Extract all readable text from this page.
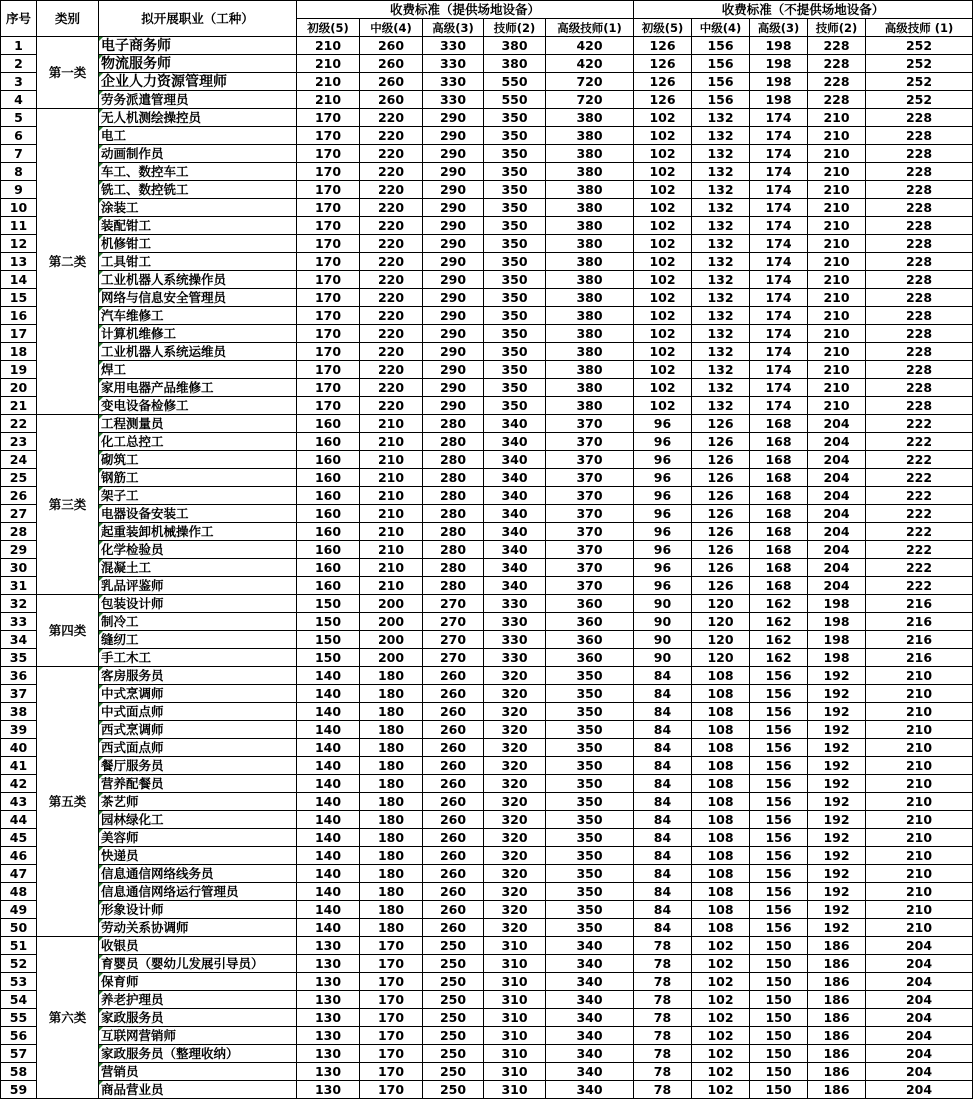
序号	类别	拟开展职业（工种）	收费标准（提供场地设备）					收费标准（不提供场地设备）				
			初级(5)	中级(4)	高级(3)	技师(2)	高级技师(1)	初级(5)	中级(4)	高级(3)	技师(2)	高级技师 (1)
1	第一类	电子商务师	210	260	330	380	420	126	156	198	228	252
2		物流服务师	210	260	330	380	420	126	156	198	228	252
3		企业人力资源管理师	210	260	330	550	720	126	156	198	228	252
4		劳务派遣管理员	210	260	330	550	720	126	156	198	228	252
5	第二类	无人机测绘操控员	170	220	290	350	380	102	132	174	210	228
6		电工	170	220	290	350	380	102	132	174	210	228
7		动画制作员	170	220	290	350	380	102	132	174	210	228
8		车工、数控车工	170	220	290	350	380	102	132	174	210	228
9		铣工、数控铣工	170	220	290	350	380	102	132	174	210	228
10		涂装工	170	220	290	350	380	102	132	174	210	228
11		装配钳工	170	220	290	350	380	102	132	174	210	228
12		机修钳工	170	220	290	350	380	102	132	174	210	228
13		工具钳工	170	220	290	350	380	102	132	174	210	228
14		工业机器人系统操作员	170	220	290	350	380	102	132	174	210	228
15		网络与信息安全管理员	170	220	290	350	380	102	132	174	210	228
16		汽车维修工	170	220	290	350	380	102	132	174	210	228
17		计算机维修工	170	220	290	350	380	102	132	174	210	228
18		工业机器人系统运维员	170	220	290	350	380	102	132	174	210	228
19		焊工	170	220	290	350	380	102	132	174	210	228
20		家用电器产品维修工	170	220	290	350	380	102	132	174	210	228
21		变电设备检修工	170	220	290	350	380	102	132	174	210	228
22	第三类	工程测量员	160	210	280	340	370	96	126	168	204	222
23		化工总控工	160	210	280	340	370	96	126	168	204	222
24		砌筑工	160	210	280	340	370	96	126	168	204	222
25		钢筋工	160	210	280	340	370	96	126	168	204	222
26		架子工	160	210	280	340	370	96	126	168	204	222
27		电器设备安装工	160	210	280	340	370	96	126	168	204	222
28		起重装卸机械操作工	160	210	280	340	370	96	126	168	204	222
29		化学检验员	160	210	280	340	370	96	126	168	204	222
30		混凝土工	160	210	280	340	370	96	126	168	204	222
31		乳品评鉴师	160	210	280	340	370	96	126	168	204	222
32	第四类	包装设计师	150	200	270	330	360	90	120	162	198	216
33		制冷工	150	200	270	330	360	90	120	162	198	216
34		缝纫工	150	200	270	330	360	90	120	162	198	216
35		手工木工	150	200	270	330	360	90	120	162	198	216
36	第五类	客房服务员	140	180	260	320	350	84	108	156	192	210
37		中式烹调师	140	180	260	320	350	84	108	156	192	210
38		中式面点师	140	180	260	320	350	84	108	156	192	210
39		西式烹调师	140	180	260	320	350	84	108	156	192	210
40		西式面点师	140	180	260	320	350	84	108	156	192	210
41		餐厅服务员	140	180	260	320	350	84	108	156	192	210
42		营养配餐员	140	180	260	320	350	84	108	156	192	210
43		茶艺师	140	180	260	320	350	84	108	156	192	210
44		园林绿化工	140	180	260	320	350	84	108	156	192	210
45		美容师	140	180	260	320	350	84	108	156	192	210
46		快递员	140	180	260	320	350	84	108	156	192	210
47		信息通信网络线务员	140	180	260	320	350	84	108	156	192	210
48		信息通信网络运行管理员	140	180	260	320	350	84	108	156	192	210
49		形象设计师	140	180	260	320	350	84	108	156	192	210
50		劳动关系协调师	140	180	260	320	350	84	108	156	192	210
51	第六类	收银员	130	170	250	310	340	78	102	150	186	204
52		育婴员（婴幼儿发展引导员）	130	170	250	310	340	78	102	150	186	204
53		保育师	130	170	250	310	340	78	102	150	186	204
54		养老护理员	130	170	250	310	340	78	102	150	186	204
55		家政服务员	130	170	250	310	340	78	102	150	186	204
56		互联网营销师	130	170	250	310	340	78	102	150	186	204
57		家政服务员（整理收纳）	130	170	250	310	340	78	102	150	186	204
58		营销员	130	170	250	310	340	78	102	150	186	204
59		商品营业员	130	170	250	310	340	78	102	150	186	204
